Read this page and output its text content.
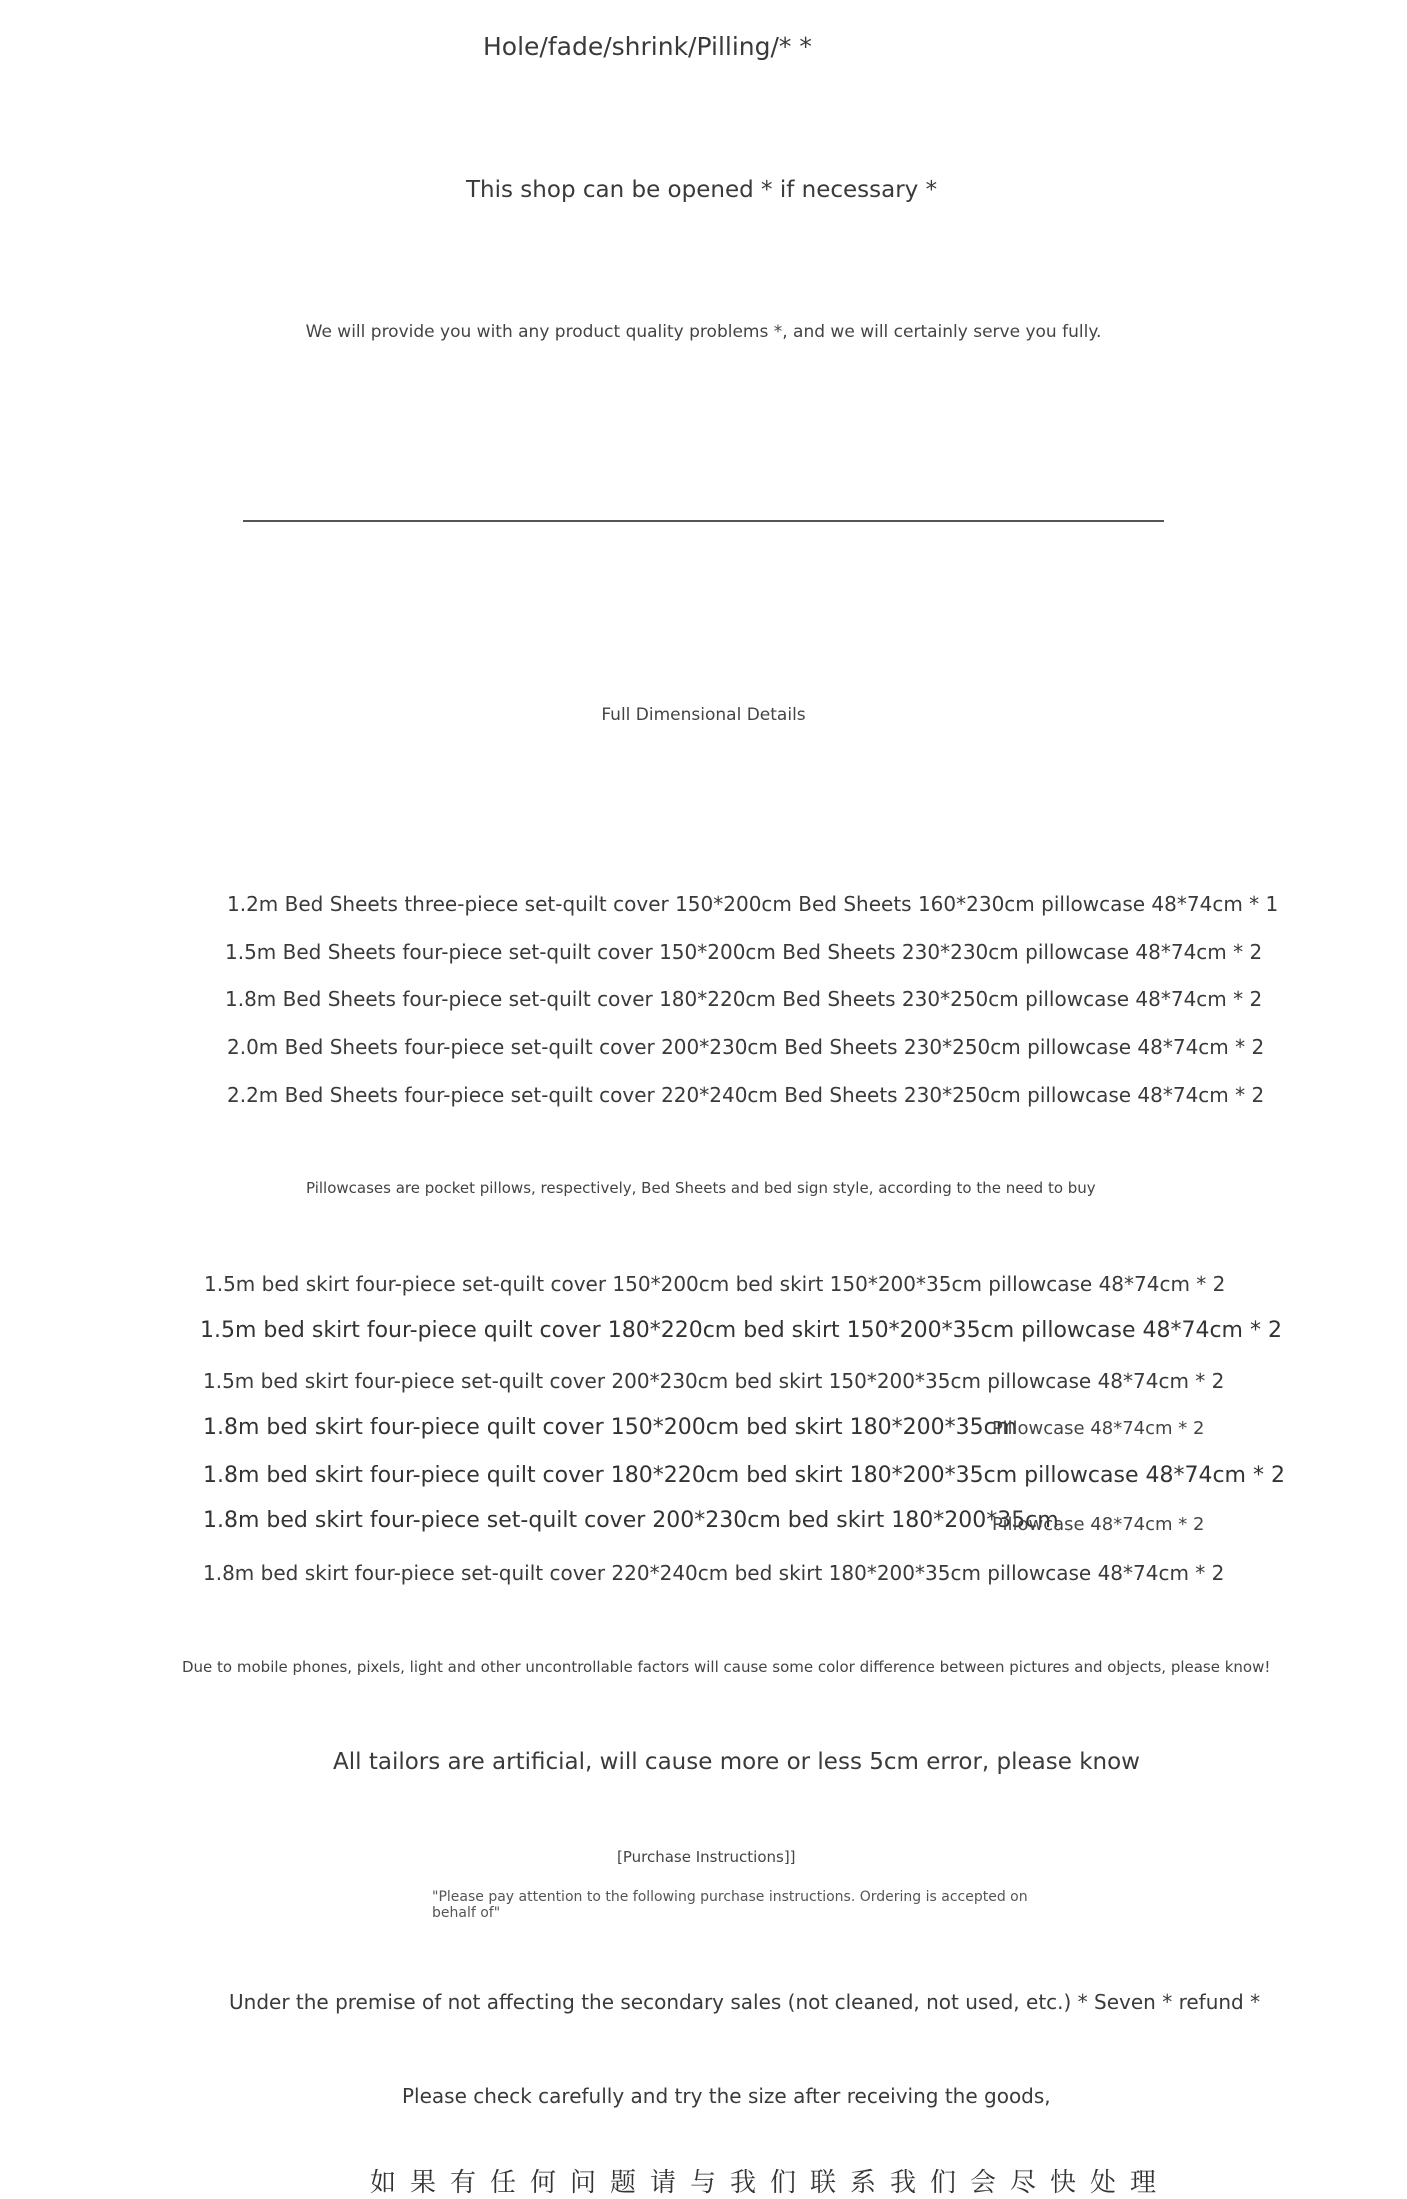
Hole/fade/shrink/Pilling/* *

This shop can be opened * if necessary *

We will provide you with any product quality problems *, and we will certainly serve you fully.

Full Dimensional Details

1.2m Bed Sheets three-piece set-quilt cover 150*200cm Bed Sheets 160*230cm pillowcase 48*74cm * 1

1.5m Bed Sheets four-piece set-quilt cover 150*200cm Bed Sheets 230*230cm pillowcase 48*74cm * 2

1.8m Bed Sheets four-piece set-quilt cover 180*220cm Bed Sheets 230*250cm pillowcase 48*74cm * 2

2.0m Bed Sheets four-piece set-quilt cover 200*230cm Bed Sheets 230*250cm pillowcase 48*74cm * 2

2.2m Bed Sheets four-piece set-quilt cover 220*240cm Bed Sheets 230*250cm pillowcase 48*74cm * 2

Pillowcases are pocket pillows, respectively, Bed Sheets and bed sign style, according to the need to buy

1.5m bed skirt four-piece set-quilt cover 150*200cm bed skirt 150*200*35cm pillowcase 48*74cm * 2

1.5m bed skirt four-piece quilt cover 180*220cm bed skirt 150*200*35cm pillowcase 48*74cm * 2

1.5m bed skirt four-piece set-quilt cover 200*230cm bed skirt 150*200*35cm pillowcase 48*74cm * 2

1.8m bed skirt four-piece quilt cover 150*200cm bed skirt 180*200*35cm

Pillowcase 48*74cm * 2

1.8m bed skirt four-piece quilt cover 180*220cm bed skirt 180*200*35cm pillowcase 48*74cm * 2

1.8m bed skirt four-piece set-quilt cover 200*230cm bed skirt 180*200*35cm

Pillowcase 48*74cm * 2

1.8m bed skirt four-piece set-quilt cover 220*240cm bed skirt 180*200*35cm pillowcase 48*74cm * 2

Due to mobile phones, pixels, light and other uncontrollable factors will cause some color difference between pictures and objects, please know!

All tailors are artificial, will cause more or less 5cm error, please know

[Purchase Instructions]]

"Please pay attention to the following purchase instructions. Ordering is accepted on

behalf of"

Under the premise of not affecting the secondary sales (not cleaned, not used, etc.) * Seven * refund *

Please check carefully and try the size after receiving the goods,

如果有任何问题请与我们联系我们会尽快处理
